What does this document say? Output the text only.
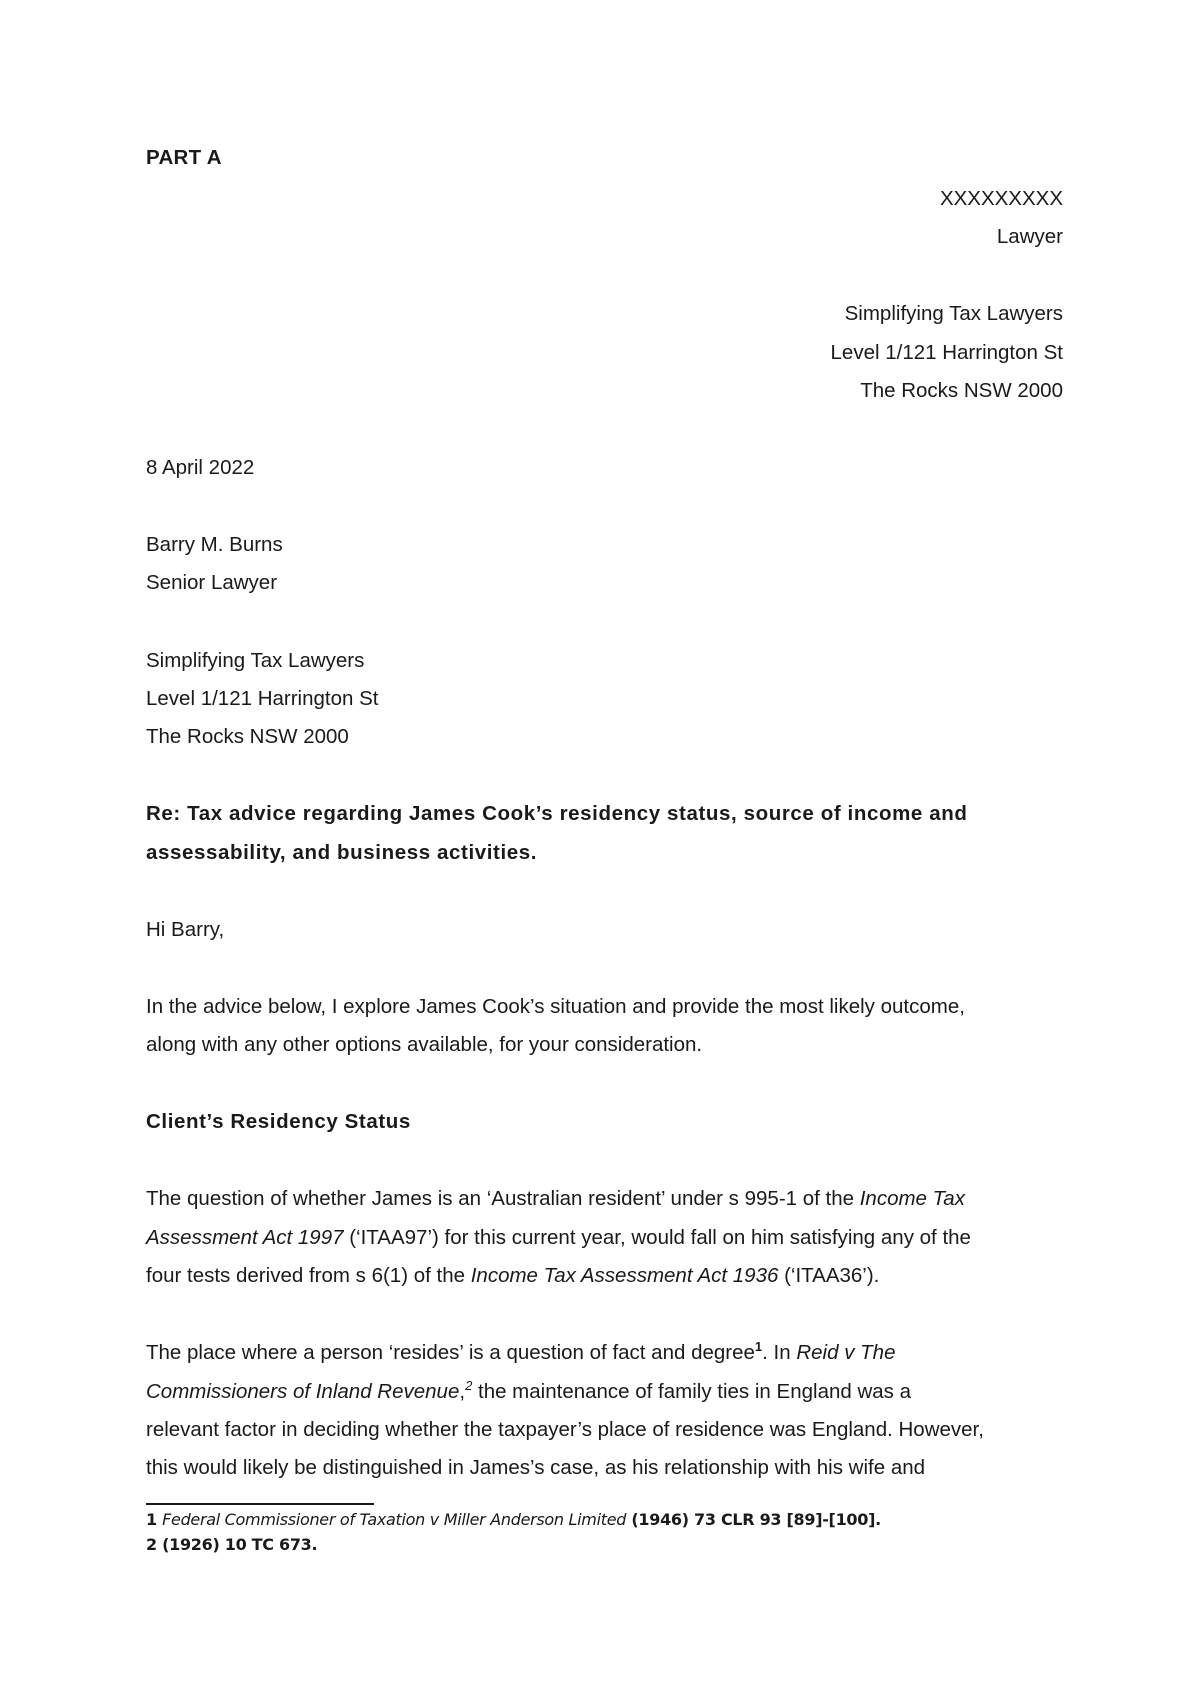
PART A
XXXXXXXXX
Lawyer
Simplifying Tax Lawyers
Level 1/121 Harrington St
The Rocks NSW 2000
8 April 2022
Barry M. Burns
Senior Lawyer
Simplifying Tax Lawyers
Level 1/121 Harrington St
The Rocks NSW 2000
Re: Tax advice regarding James Cook’s residency status, source of income and
assessability, and business activities.
Hi Barry,
In the advice below, I explore James Cook’s situation and provide the most likely outcome,
along with any other options available, for your consideration.
Client’s Residency Status
The question of whether James is an ‘Australian resident’ under s 995-1 of the Income Tax
Assessment Act 1997 (‘ITAA97’) for this current year, would fall on him satisfying any of the
four tests derived from s 6(1) of the Income Tax Assessment Act 1936 (‘ITAA36’).
The place where a person ‘resides’ is a question of fact and degree$^1$. In Reid v The
Commissioners of Inland Revenue,$^2$ the maintenance of family ties in England was a
relevant factor in deciding whether the taxpayer’s place of residence was England. However,
this would likely be distinguished in James’s case, as his relationship with his wife and
1 Federal Commissioner of Taxation v Miller Anderson Limited (1946) 73 CLR 93 [89]-[100].
2 (1926) 10 TC 673.
